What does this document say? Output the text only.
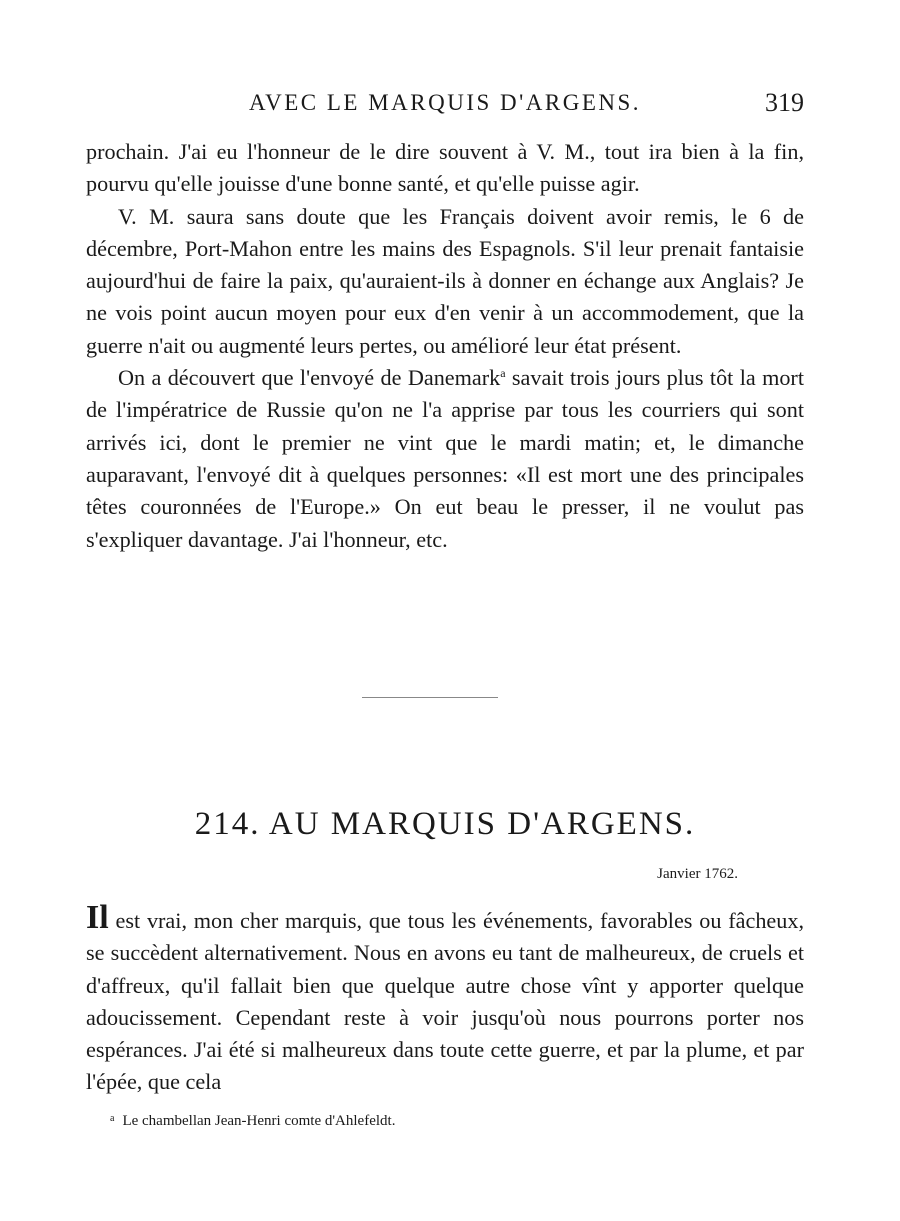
AVEC LE MARQUIS D'ARGENS.	319

prochain. J'ai eu l'honneur de le dire souvent à V. M., tout ira bien à la fin, pourvu qu'elle jouisse d'une bonne santé, et qu'elle puisse agir.

V. M. saura sans doute que les Français doivent avoir remis, le 6 de décembre, Port-Mahon entre les mains des Espagnols. S'il leur prenait fantaisie aujourd'hui de faire la paix, qu'auraient-ils à donner en échange aux Anglais? Je ne vois point aucun moyen pour eux d'en venir à un accommodement, que la guerre n'ait ou augmenté leurs pertes, ou amélioré leur état présent.

On a découvert que l'envoyé de Danemark$^a$ savait trois jours plus tôt la mort de l'impératrice de Russie qu'on ne l'a apprise par tous les courriers qui sont arrivés ici, dont le premier ne vint que le mardi matin; et, le dimanche auparavant, l'envoyé dit à quelques personnes: «Il est mort une des principales têtes couronnées de l'Europe.» On eut beau le presser, il ne voulut pas s'expliquer davantage. J'ai l'honneur, etc.

214. AU MARQUIS D'ARGENS.
Janvier 1762.

Il est vrai, mon cher marquis, que tous les événements, favorables ou fâcheux, se succèdent alternativement. Nous en avons eu tant de malheureux, de cruels et d'affreux, qu'il fallait bien que quelque autre chose vînt y apporter quelque adoucissement. Cependant reste à voir jusqu'où nous pourrons porter nos espérances. J'ai été si malheureux dans toute cette guerre, et par la plume, et par l'épée, que cela

$^a$ Le chambellan Jean-Henri comte d'Ahlefeldt.
